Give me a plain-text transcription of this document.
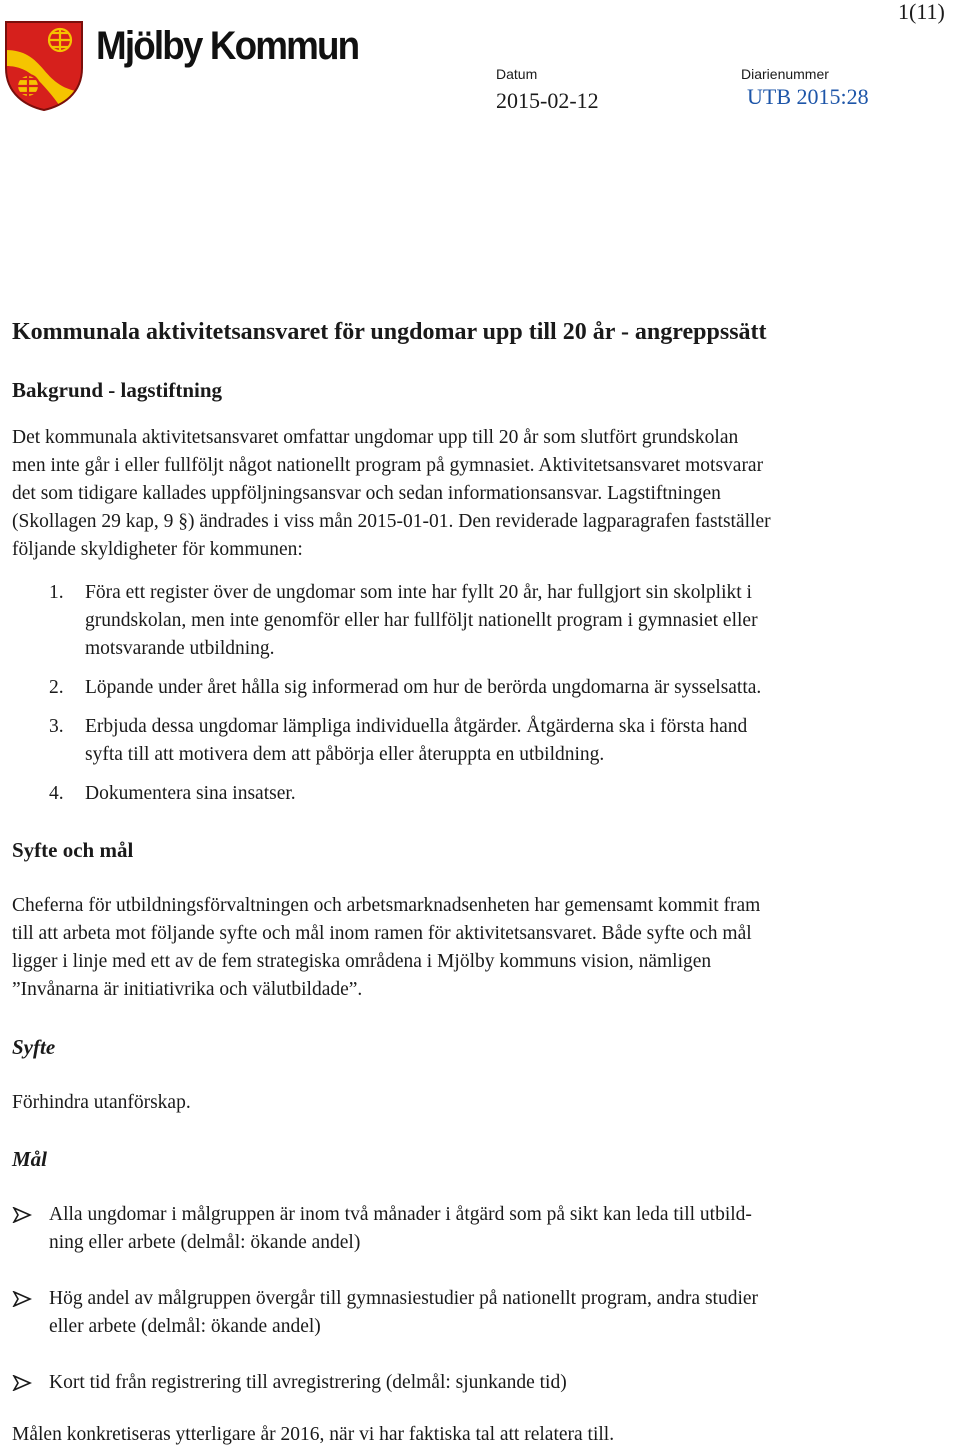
1(11)
Mjölby Kommun
Datum
2015-02-12
Diarienummer
UTB 2015:28
Kommunala aktivitetsansvaret för ungdomar upp till 20 år - angreppssätt
Bakgrund - lagstiftning

Det kommunala aktivitetsansvaret omfattar ungdomar upp till 20 år som slutfört grundskolan
men inte går i eller fullföljt något nationellt program på gymnasiet. Aktivitetsansvaret motsvarar
det som tidigare kallades uppföljningsansvar och sedan informationsansvar. Lagstiftningen
(Skollagen 29 kap, 9 §) ändrades i viss mån 2015-01-01. Den reviderade lagparagrafen fastställer
följande skyldigheter för kommunen:

1. Föra ett register över de ungdomar som inte har fyllt 20 år, har fullgjort sin skolplikt i
grundskolan, men inte genomför eller har fullföljt nationellt program i gymnasiet eller
motsvarande utbildning.
2. Löpande under året hålla sig informerad om hur de berörda ungdomarna är sysselsatta.
3. Erbjuda dessa ungdomar lämpliga individuella åtgärder. Åtgärderna ska i första hand
syfta till att motivera dem att påbörja eller återuppta en utbildning.
4. Dokumentera sina insatser.
Syfte och mål

Cheferna för utbildningsförvaltningen och arbetsmarknadsenheten har gemensamt kommit fram
till att arbeta mot följande syfte och mål inom ramen för aktivitetsansvaret. Både syfte och mål
ligger i linje med ett av de fem strategiska områdena i Mjölby kommuns vision, nämligen
”Invånarna är initiativrika och välutbildade”.

Syfte

Förhindra utanförskap.

Mål
Alla ungdomar i målgruppen är inom två månader i åtgärd som på sikt kan leda till utbild-
ning eller arbete (delmål: ökande andel)
Hög andel av målgruppen övergår till gymnasiestudier på nationellt program, andra studier
eller arbete (delmål: ökande andel)
Kort tid från registrering till avregistrering (delmål: sjunkande tid)

Målen konkretiseras ytterligare år 2016, när vi har faktiska tal att relatera till.
